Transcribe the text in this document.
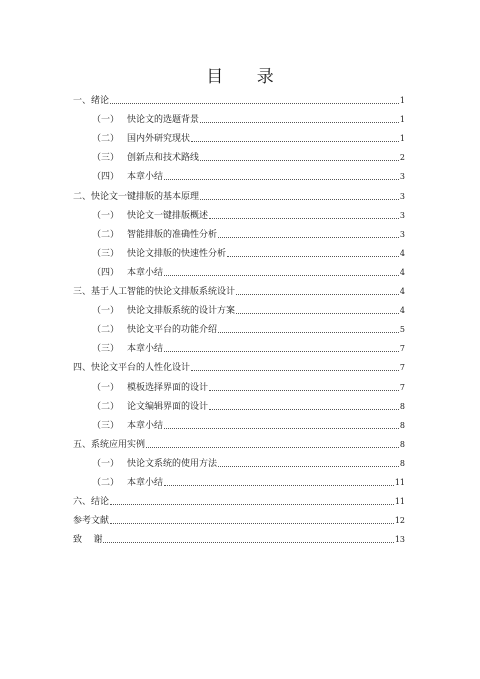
目 录
一、绪论	1
（一） 快论文的选题背景	1
（二） 国内外研究现状	1
（三） 创新点和技术路线	2
（四） 本章小结	3
二、快论文一键排版的基本原理	3
（一） 快论文一键排版概述	3
（二） 智能排版的准确性分析	3
（三） 快论文排版的快速性分析	4
（四） 本章小结	4
三、基于人工智能的快论文排版系统设计	4
（一） 快论文排版系统的设计方案	4
（二） 快论文平台的功能介绍	5
（三） 本章小结	7
四、快论文平台的人性化设计	7
（一） 模板选择界面的设计	7
（二） 论文编辑界面的设计	8
（三） 本章小结	8
五、系统应用实例	8
（一） 快论文系统的使用方法	8
（二） 本章小结	11
六、结论	11
参考文献	12
致    谢	13
